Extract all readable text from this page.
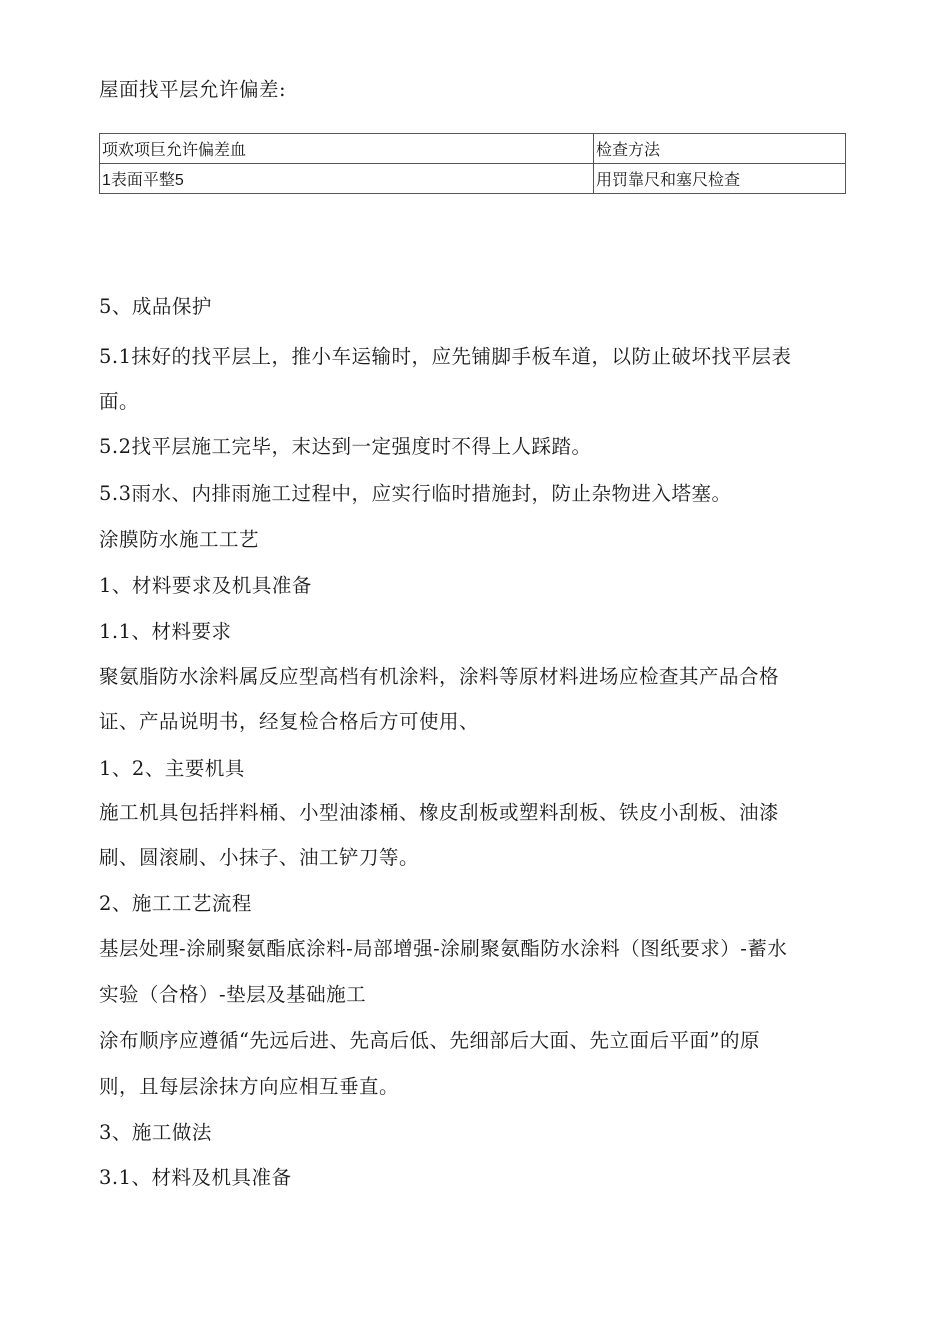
屋面找平层允许偏差:
项欢项巨允许偏差血	检查方法
1表面平整5	用罚靠尺和塞尺检查
5、成品保护
5.1抹好的找平层上，推小车运输时，应先铺脚手板车道，以防止破坏找平层表
面。
5.2找平层施工完毕，末达到一定强度时不得上人踩踏。
5.3雨水、内排雨施工过程中，应实行临时措施封，防止杂物进入塔塞。
涂膜防水施工工艺
1、材料要求及机具准备
1.1、材料要求
聚氨脂防水涂料属反应型高档有机涂料，涂料等原材料进场应检查其产品合格
证、产品说明书，经复检合格后方可使用、
1、2、主要机具
施工机具包括拌料桶、小型油漆桶、橡皮刮板或塑料刮板、铁皮小刮板、油漆
刷、圆滚刷、小抹子、油工铲刀等。
2、施工工艺流程
基层处理-涂刷聚氨酯底涂料-局部增强-涂刷聚氨酯防水涂料（图纸要求）-蓄水
实验（合格）-垫层及基础施工
涂布顺序应遵循“先远后进、先高后低、先细部后大面、先立面后平面”的原
则，且每层涂抹方向应相互垂直。
3、施工做法
3.1、材料及机具准备
